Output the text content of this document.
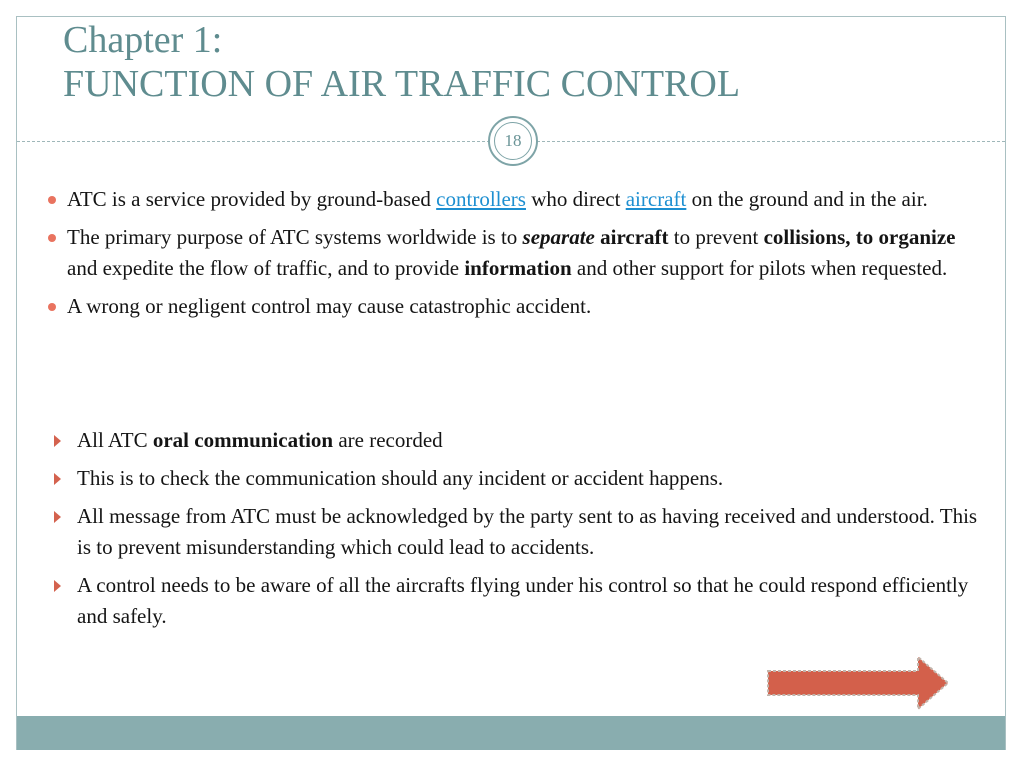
Chapter 1:
FUNCTION OF AIR TRAFFIC CONTROL
18
ATC is a service provided by ground-based controllers who direct aircraft on the ground and in the air.
The primary purpose of ATC systems worldwide is to separate aircraft to prevent collisions, to organize and expedite the flow of traffic, and to provide information and other support for pilots when requested.
A wrong or negligent control may cause catastrophic accident.
All ATC oral communication are recorded
This is to check the communication should any incident or accident happens.
All message from ATC must be acknowledged by the party sent to as having received and understood. This is to prevent misunderstanding which could lead to accidents.
A control needs to be aware of all the aircrafts flying under his control so that he could respond efficiently and safely.
